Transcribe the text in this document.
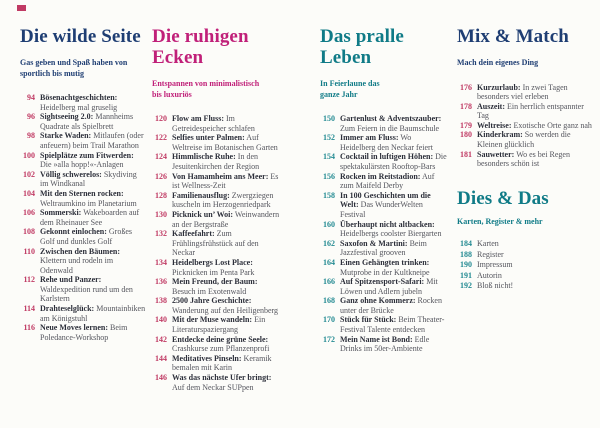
Die wilde Seite

Gas geben und Spaß haben von sportlich bis mutig

94 Bösenachtgeschichten: Heidelberg mal gruselig
96 Sightseeing 2.0: Mannheims Quadrate als Spielbrett
98 Starke Waden: Mitlaufen (oder anfeuern) beim Trail Marathon
100 Spielplätze zum Fitwerden: Die »alla hopp!«-Anlagen
102 Völlig schwerelos: Skydiving im Windkanal
104 Mit den Sternen rocken: Weltraumkino im Planetarium
106 Sommerski: Wakeboarden auf dem Rheinauer See
108 Gekonnt einlochen: Großes Golf und dunkles Golf
110 Zwischen den Bäumen: Klettern und rodeln im Odenwald
112 Rehe und Panzer: Waldexpedition rund um den Karlstern
114 Drahteselglück: Mountainbiken am Königstuhl
116 Neue Moves lernen: Beim Poledance-Workshop
Die ruhigen Ecken

Entspannen von minimalistisch bis luxuriös

120 Flow am Fluss: Im Getreidespeicher schlafen
122 Selfies unter Palmen: Auf Weltreise im Botanischen Garten
124 Himmlische Ruhe: In den Jesuitenkirchen der Region
126 Von Hamamheim ans Meer: Es ist Wellness-Zeit
128 Familienausflug: Zwergziegen kuscheln im Herzogenriedpark
130 Picknick un’ Woi: Weinwandern an der Bergstraße
132 Kaffeefahrt: Zum Frühlingsfrühstück auf den Neckar
134 Heidelbergs Lost Place: Picknicken im Penta Park
136 Mein Freund, der Baum: Besuch im Exotenwald
138 2500 Jahre Geschichte: Wanderung auf den Heiligenberg
140 Mit der Muse wandeln: Ein Literaturspaziergang
142 Entdecke deine grüne Seele: Crashkurse zum Pflanzenprofi
144 Meditatives Pinseln: Keramik bemalen mit Karin
146 Was das nächste Ufer bringt: Auf dem Neckar SUPpen
Das pralle Leben

In Feierlaune das ganze Jahr

150 Gartenlust & Adventszauber: Zum Feiern in die Baumschule
152 Immer am Fluss: Wo Heidelberg den Neckar feiert
154 Cocktail in luftigen Höhen: Die spektakulärsten Rooftop-Bars
156 Rocken im Reitstadion: Auf zum Maifeld Derby
158 In 100 Geschichten um die Welt: Das WunderWelten Festival
160 Überhaupt nicht altbacken: Heidelbergs coolster Biergarten
162 Saxofon & Martini: Beim Jazzfestival grooven
164 Einen Gehängten trinken: Mutprobe in der Kultkneipe
166 Auf Spitzensport-Safari: Mit Löwen und Adlern jubeln
168 Ganz ohne Kommerz: Rocken unter der Brücke
170 Stück für Stück: Beim Theater-Festival Talente entdecken
172 Mein Name ist Bond: Edle Drinks im 50er-Ambiente
Mix & Match

Mach dein eigenes Ding

176 Kurzurlaub: In zwei Tagen besonders viel erleben
178 Auszeit: Ein herrlich entspannter Tag
179 Weltreise: Exotische Orte ganz nah
180 Kinderkram: So werden die Kleinen glücklich
181 Sauwetter: Wo es bei Regen besonders schön ist
Dies & Das

Karten, Register & mehr

184 Karten
188 Register
190 Impressum
191 Autorin
192 Bloß nicht!
